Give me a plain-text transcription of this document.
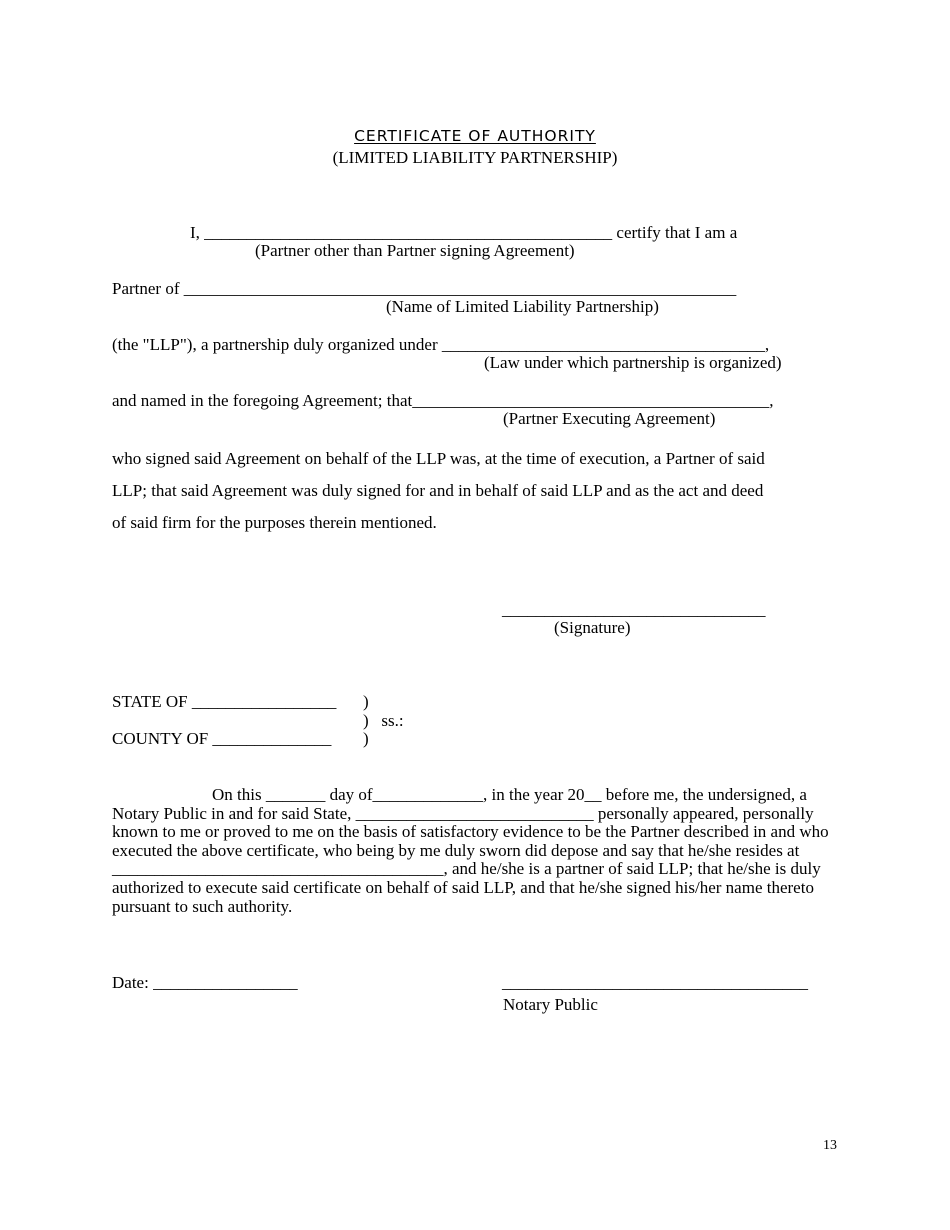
CERTIFICATE OF AUTHORITY
(LIMITED LIABILITY PARTNERSHIP)
I, ________________________________________________ certify that I am a
(Partner other than Partner signing Agreement)
Partner of _________________________________________________________________
(Name of Limited Liability Partnership)
(the "LLP"), a partnership duly organized under ______________________________________,
(Law under which partnership is organized)
and named in the foregoing Agreement; that__________________________________________,
(Partner Executing Agreement)
who signed said Agreement on behalf of the LLP was, at the time of execution, a Partner of said
LLP; that said Agreement was duly signed for and in behalf of said LLP and as the act and deed
of said firm for the purposes therein mentioned.
_______________________________
(Signature)
STATE OF _________________ )
)   ss.:
COUNTY OF ______________ )
On this _______ day of_____________, in the year 20__ before me, the undersigned, a Notary Public in and for said State, ____________________________ personally appeared, personally known to me or proved to me on the basis of satisfactory evidence to be the Partner described in and who executed the above certificate, who being by me duly sworn did depose and say that he/she resides at _______________________________________, and he/she is a partner of said LLP; that he/she is duly authorized to execute said certificate on behalf of said LLP, and that he/she signed his/her name thereto pursuant to such authority.
Date: _________________	____________________________________
Notary Public
13
